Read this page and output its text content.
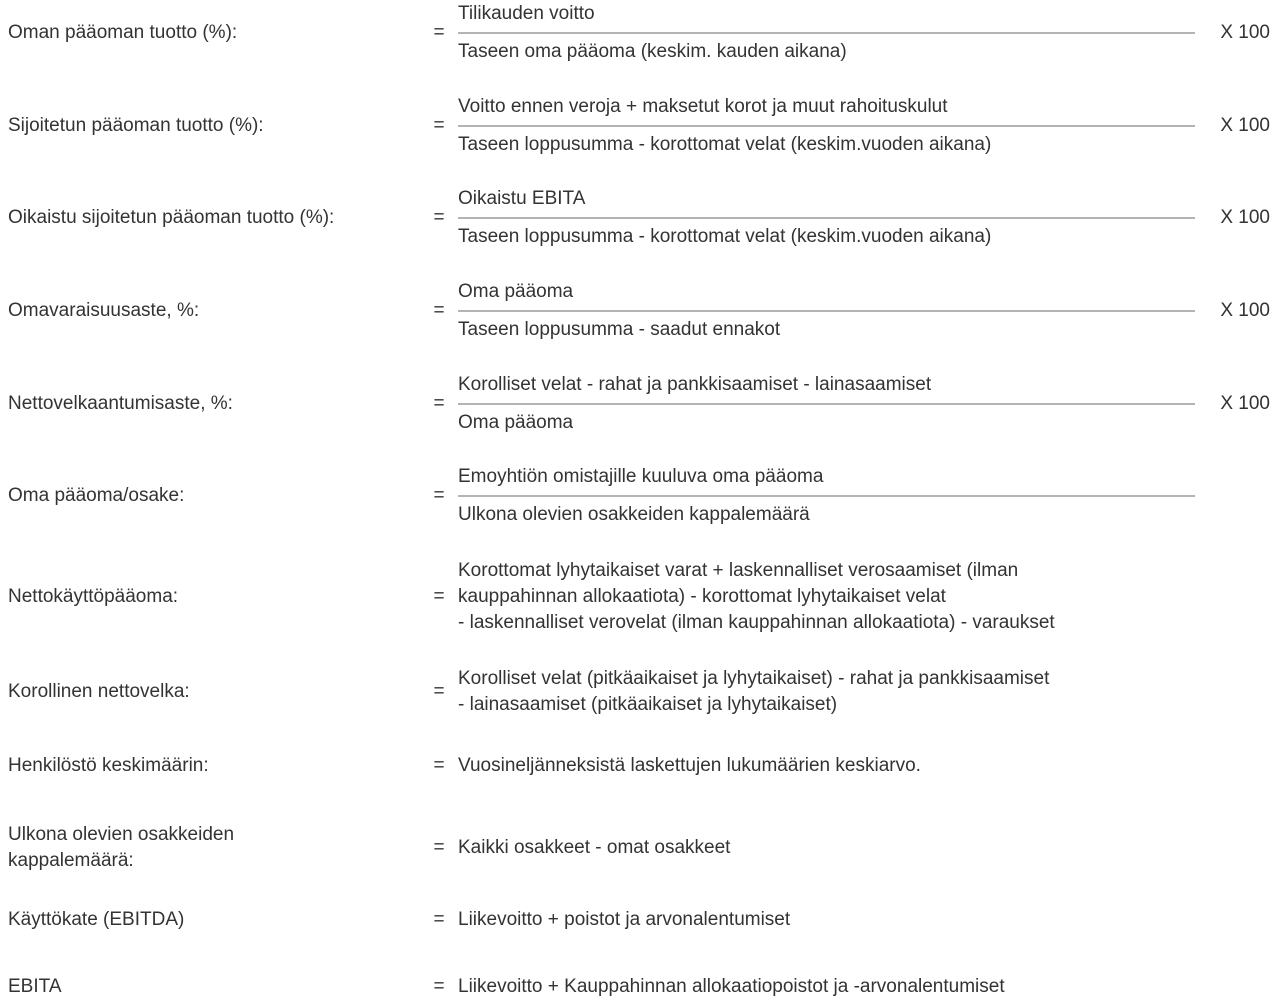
Oman pääoman tuotto (%):	=
Tilikauden voitto
Taseen oma pääoma (keskim. kauden aikana)
X 100
Sijoitetun pääoman tuotto (%):	=
Voitto ennen veroja + maksetut korot ja muut rahoituskulut
Taseen loppusumma - korottomat velat (keskim.vuoden aikana)
X 100
Oikaistu sijoitetun pääoman tuotto (%):	=
Oikaistu EBITA
Taseen loppusumma - korottomat velat (keskim.vuoden aikana)
X 100
Omavaraisuusaste, %:	=
Oma pääoma
Taseen loppusumma - saadut ennakot
X 100
Nettovelkaantumisaste, %:	=
Korolliset velat - rahat ja pankkisaamiset - lainasaamiset
Oma pääoma
X 100
Oma pääoma/osake:	=
Emoyhtiön omistajille kuuluva oma pääoma
Ulkona olevien osakkeiden kappalemäärä
Nettokäyttöpääoma:	=
Korottomat lyhytaikaiset varat + laskennalliset verosaamiset (ilman
kauppahinnan allokaatiota) - korottomat lyhytaikaiset velat
- laskennalliset verovelat (ilman kauppahinnan allokaatiota) - varaukset
Korollinen nettovelka:	=
Korolliset velat (pitkäaikaiset ja lyhytaikaiset) - rahat ja pankkisaamiset
- lainasaamiset (pitkäaikaiset ja lyhytaikaiset)
Henkilöstö keskimäärin:	= Vuosineljänneksistä laskettujen lukumäärien keskiarvo.
Ulkona olevien osakkeiden
kappalemäärä:
= Kaikki osakkeet - omat osakkeet
Käyttökate (EBITDA)	= Liikevoitto + poistot ja arvonalentumiset
EBITA	= Liikevoitto + Kauppahinnan allokaatiopoistot ja -arvonalentumiset
